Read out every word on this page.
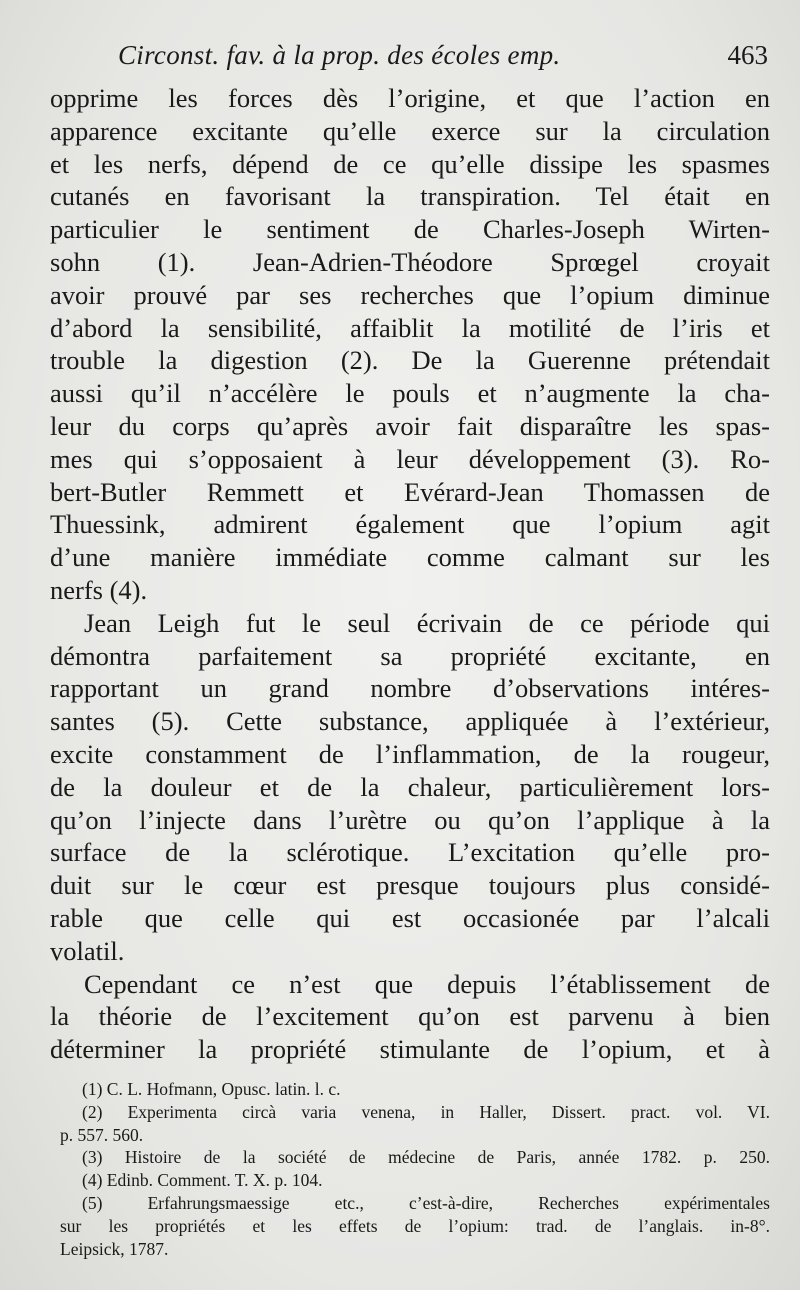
Circonst. fav. à la prop. des écoles emp.	463
opprime les forces dès l’origine, et que l’action en
apparence excitante qu’elle exerce sur la circulation
et les nerfs, dépend de ce qu’elle dissipe les spasmes
cutanés en favorisant la transpiration. Tel était en
particulier le sentiment de Charles-Joseph Wirten-
sohn (1). Jean-Adrien-Théodore Sprœgel croyait
avoir prouvé par ses recherches que l’opium diminue
d’abord la sensibilité, affaiblit la motilité de l’iris et
trouble la digestion (2). De la Guerenne prétendait
aussi qu’il n’accélère le pouls et n’augmente la cha-
leur du corps qu’après avoir fait disparaître les spas-
mes qui s’opposaient à leur développement (3). Ro-
bert-Butler Remmett et Evérard-Jean Thomassen de
Thuessink, admirent également que l’opium agit
d’une manière immédiate comme calmant sur les
nerfs (4).
Jean Leigh fut le seul écrivain de ce période qui
démontra parfaitement sa propriété excitante, en
rapportant un grand nombre d’observations intéres-
santes (5). Cette substance, appliquée à l’extérieur,
excite constamment de l’inflammation, de la rougeur,
de la douleur et de la chaleur, particulièrement lors-
qu’on l’injecte dans l’urètre ou qu’on l’applique à la
surface de la sclérotique. L’excitation qu’elle pro-
duit sur le cœur est presque toujours plus considé-
rable que celle qui est occasionée par l’alcali
volatil.
Cependant ce n’est que depuis l’établissement de
la théorie de l’excitement qu’on est parvenu à bien
déterminer la propriété stimulante de l’opium, et à
(1) C. L. Hofmann, Opusc. latin. l. c.
(2) Experimenta circà varia venena, in Haller, Dissert. pract. vol. VI.
p. 557. 560.
(3) Histoire de la société de médecine de Paris, année 1782. p. 250.
(4) Edinb. Comment. T. X. p. 104.
(5) Erfahrungsmaessige etc., c’est-à-dire, Recherches expérimentales
sur les propriétés et les effets de l’opium: trad. de l’anglais. in-8°.
Leipsick, 1787.
